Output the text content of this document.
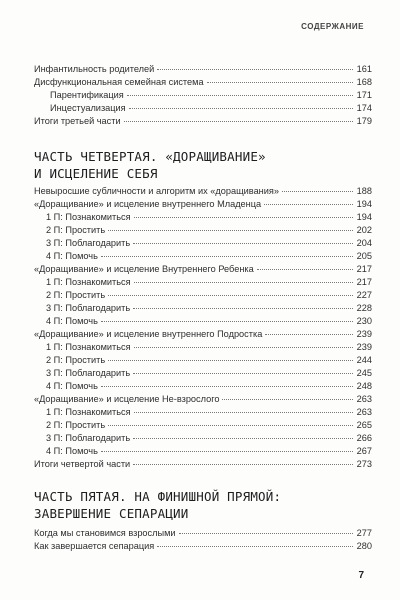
СОДЕРЖАНИЕ
Инфантильность родителей	161
Дисфункциональная семейная система	168
Парентификация	171
Инцестуализация	174
Итоги третьей части	179
ЧАСТЬ ЧЕТВЕРТАЯ. «ДОРАЩИВАНИЕ»
И ИСЦЕЛЕНИЕ СЕБЯ
Невыросшие субличности и алгоритм их «доращивания»	188
«Доращивание» и исцеление внутреннего Младенца	194
1 П: Познакомиться	194
2 П: Простить	202
3 П: Поблагодарить	204
4 П: Помочь	205
«Доращивание» и исцеление Внутреннего Ребенка	217
1 П: Познакомиться	217
2 П: Простить	227
3 П: Поблагодарить	228
4 П: Помочь	230
«Доращивание» и исцеление внутреннего Подростка	239
1 П: Познакомиться	239
2 П: Простить	244
3 П: Поблагодарить	245
4 П: Помочь	248
«Доращивание» и исцеление Не-взрослого	263
1 П: Познакомиться	263
2 П: Простить	265
3 П: Поблагодарить	266
4 П: Помочь	267
Итоги четвертой части	273
ЧАСТЬ ПЯТАЯ. НА ФИНИШНОЙ ПРЯМОЙ:
ЗАВЕРШЕНИЕ СЕПАРАЦИИ
Когда мы становимся взрослыми	277
Как завершается сепарация	280
7
